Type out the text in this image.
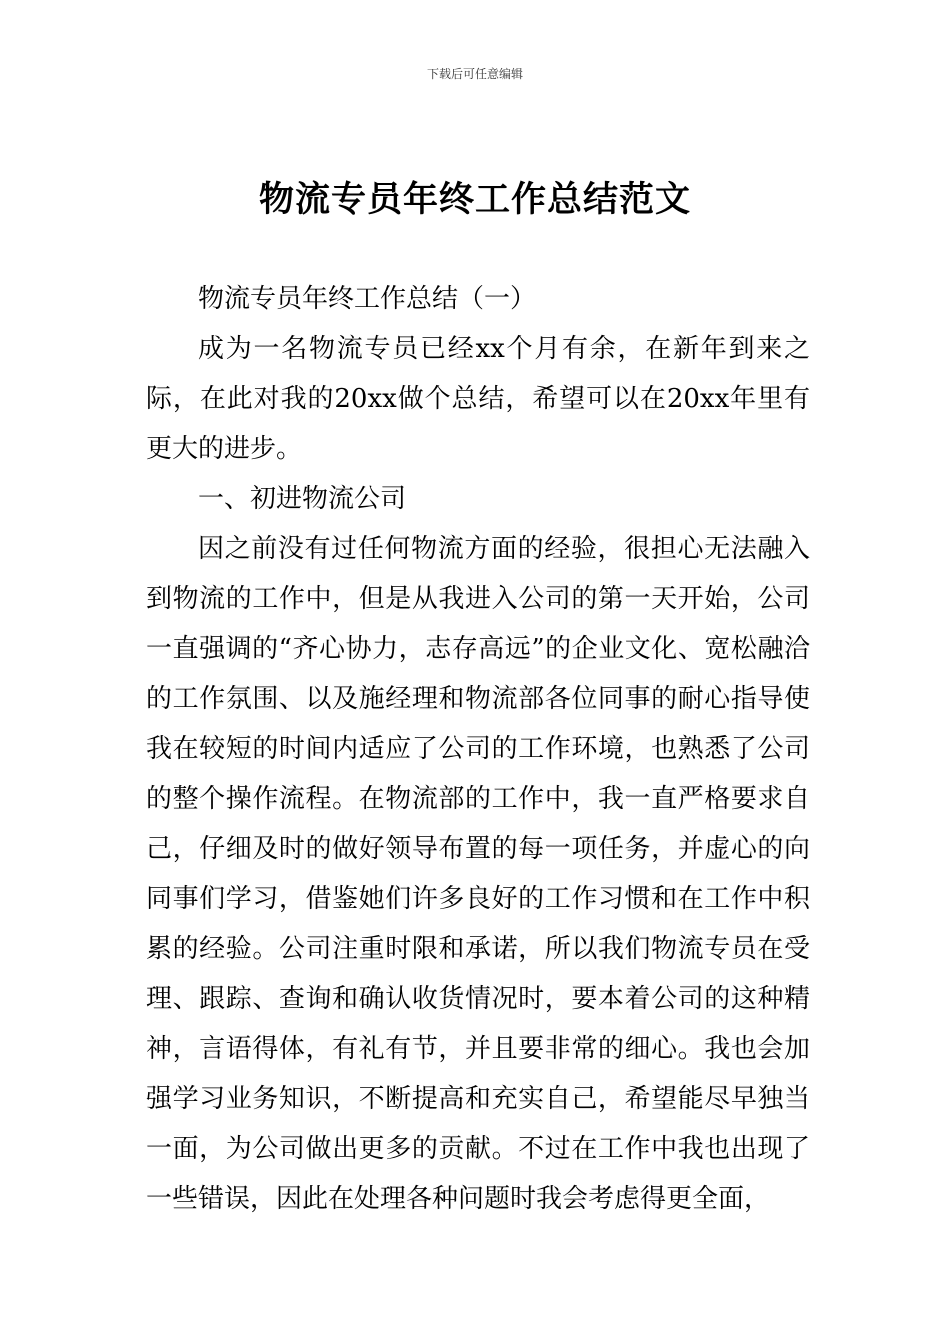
下载后可任意编辑
物流专员年终工作总结范文

物流专员年终工作总结（一）

成为一名物流专员已经xx个月有余，在新年到来之际，在此对我的20xx做个总结，希望可以在20xx年里有更大的进步。

一、初进物流公司

因之前没有过任何物流方面的经验，很担心无法融入到物流的工作中，但是从我进入公司的第一天开始，公司一直强调的“齐心协力，志存高远”的企业文化、宽松融洽的工作氛围、以及施经理和物流部各位同事的耐心指导使我在较短的时间内适应了公司的工作环境，也熟悉了公司的整个操作流程。在物流部的工作中，我一直严格要求自己，仔细及时的做好领导布置的每一项任务，并虚心的向同事们学习，借鉴她们许多良好的工作习惯和在工作中积累的经验。公司注重时限和承诺，所以我们物流专员在受理、跟踪、查询和确认收货情况时，要本着公司的这种精神，言语得体，有礼有节，并且要非常的细心。我也会加强学习业务知识，不断提高和充实自己，希望能尽早独当一面，为公司做出更多的贡献。不过在工作中我也出现了一些错误，因此在处理各种问题时我会考虑得更全面，
